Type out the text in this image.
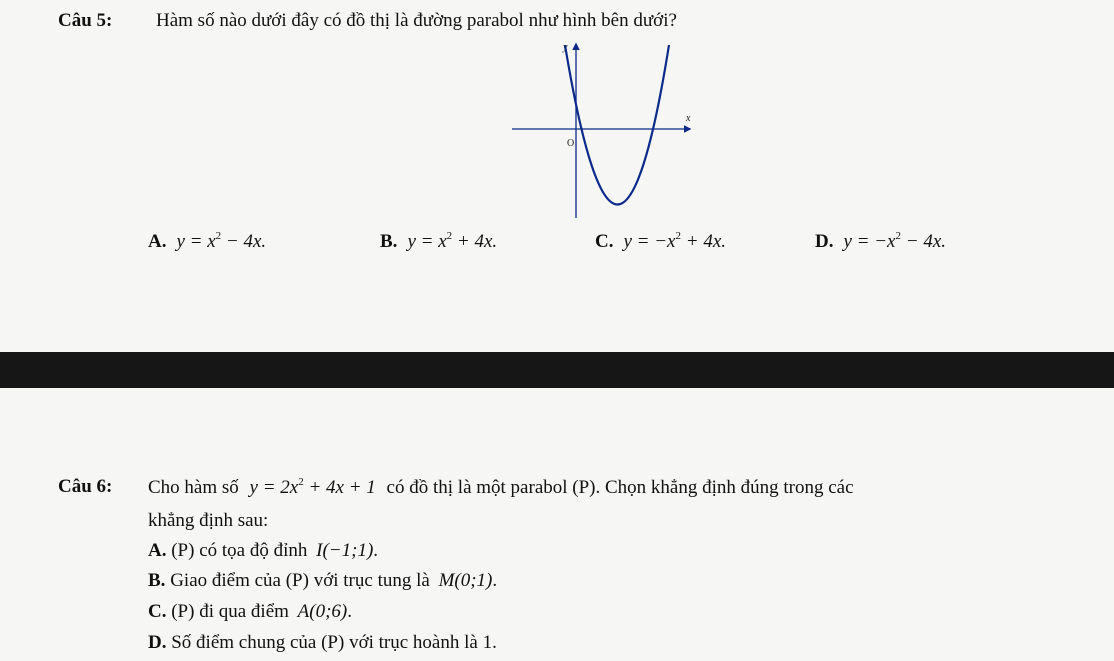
Câu 5: Hàm số nào dưới đây có đồ thị là đường parabol như hình bên dưới?
x
y
O
A. $y = x^2 - 4x$.	B. $y = x^2 + 4x$.	C. $y = -x^2 + 4x$.	D. $y = -x^2 - 4x$.
Câu 6: Cho hàm số $y = 2x^2 + 4x + 1$ có đồ thị là một parabol (P). Chọn khẳng định đúng trong các
khẳng định sau:
A. (P) có tọa độ đỉnh I(−1;1).
B. Giao điểm của (P) với trục tung là M(0;1).
C. (P) đi qua điểm A(0;6).
D. Số điểm chung của (P) với trục hoành là 1.
